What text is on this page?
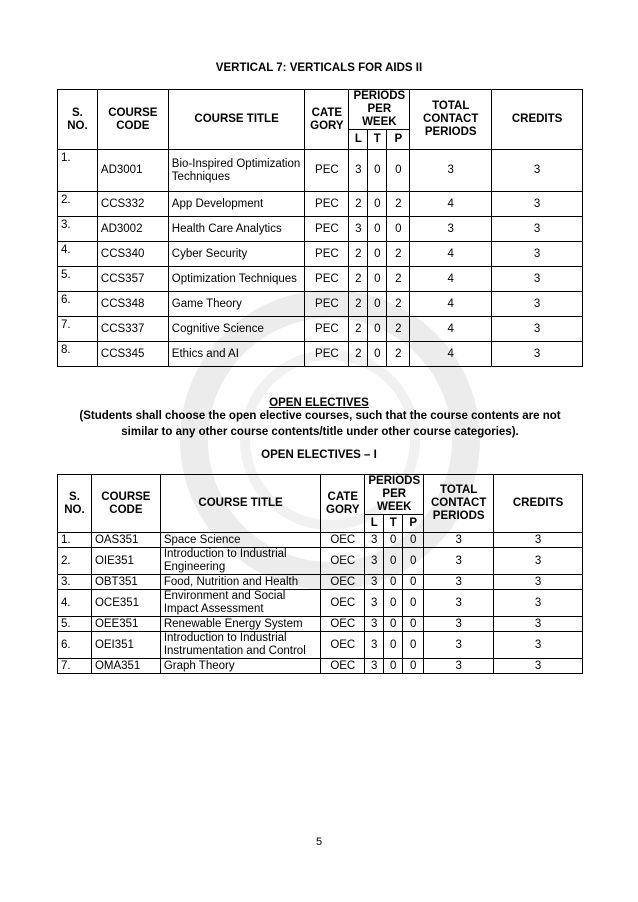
VERTICAL 7: VERTICALS FOR AIDS II
S. NO.	COURSE CODE	COURSE TITLE	CATE GORY	PERIODS PER WEEK			TOTAL CONTACT PERIODS	CREDITS
				L	T	P		
1.	AD3001	Bio-Inspired Optimization Techniques	PEC	3	0	0	3	3
2.	CCS332	App Development	PEC	2	0	2	4	3
3.	AD3002	Health Care Analytics	PEC	3	0	0	3	3
4.	CCS340	Cyber Security	PEC	2	0	2	4	3
5.	CCS357	Optimization Techniques	PEC	2	0	2	4	3
6.	CCS348	Game Theory	PEC	2	0	2	4	3
7.	CCS337	Cognitive Science	PEC	2	0	2	4	3
8.	CCS345	Ethics and AI	PEC	2	0	2	4	3
OPEN ELECTIVES
(Students shall choose the open elective courses, such that the course contents are not similar to any other course contents/title under other course categories).
OPEN ELECTIVES – I
S. NO.	COURSE CODE	COURSE TITLE	CATE GORY	PERIODS PER WEEK			TOTAL CONTACT PERIODS	CREDITS
				L	T	P		
1.	OAS351	Space Science	OEC	3	0	0	3	3
2.	OIE351	Introduction to Industrial Engineering	OEC	3	0	0	3	3
3.	OBT351	Food, Nutrition and Health	OEC	3	0	0	3	3
4.	OCE351	Environment and Social Impact Assessment	OEC	3	0	0	3	3
5.	OEE351	Renewable Energy System	OEC	3	0	0	3	3
6.	OEI351	Introduction to Industrial Instrumentation and Control	OEC	3	0	0	3	3
7.	OMA351	Graph Theory	OEC	3	0	0	3	3
5
